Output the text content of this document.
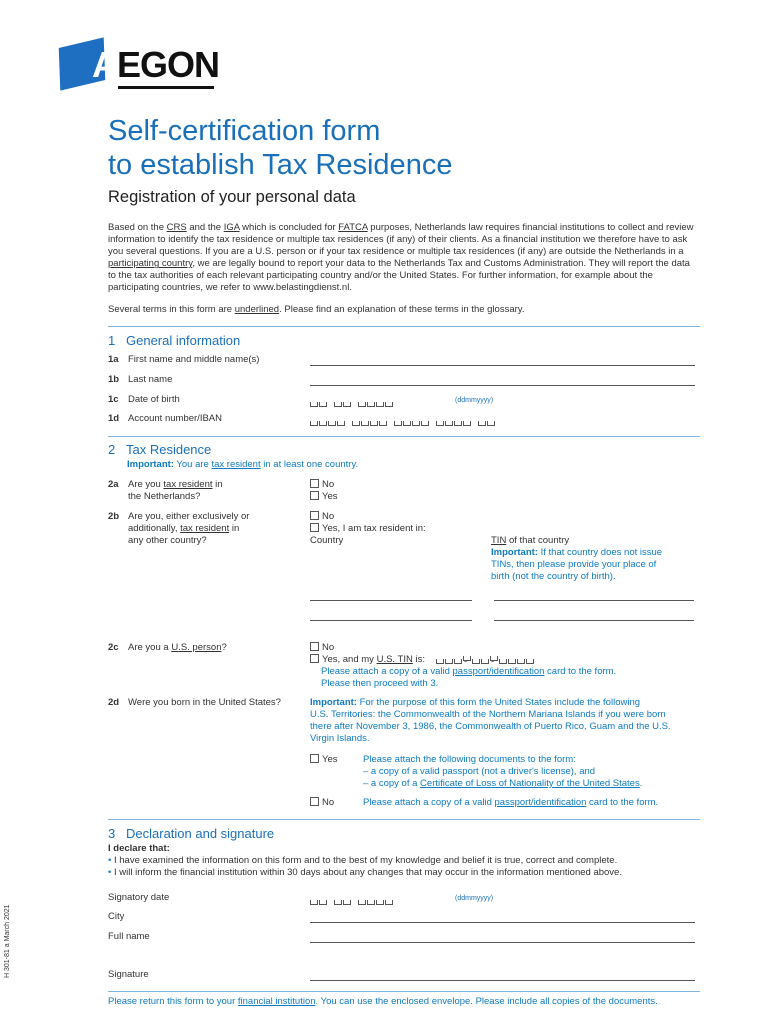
AEGON
Self-certification form
to establish Tax Residence
Registration of your personal data
Based on the CRS and the IGA which is concluded for FATCA purposes, Netherlands law requires financial institutions to collect and review information to identify the tax residence or multiple tax residences (if any) of their clients. As a financial institution we therefore have to ask you several questions. If you are a U.S. person or if your tax residence or multiple tax residences (if any) are outside the Netherlands in a participating country, we are legally bound to report your data to the Netherlands Tax and Customs Administration. They will report the data to the tax authorities of each relevant participating country and/or the United States. For further information, for example about the participating countries, we refer to www.belastingdienst.nl.
Several terms in this form are underlined. Please find an explanation of these terms in the glossary.
1 General information
1a First name and middle name(s)
1b Last name
1c Date of birth	(ddmmyyyy)
1d Account number/IBAN
2 Tax Residence
Important: You are tax resident in at least one country.
2a Are you tax resident in
the Netherlands?
No
Yes
2b Are you, either exclusively or
additionally, tax resident in
any other country?
No
Yes, I am tax resident in:
Country	TIN of that country
Important: If that country does not issue
TINs, then please provide your place of
birth (not the country of birth).
2c Are you a U.S. person?	No
Yes, and my U.S. TIN is:	-	-
Please attach a copy of a valid passport/identification card to the form.
Please then proceed with 3.
2d Were you born in the United States?	Important: For the purpose of this form the United States include the following
U.S. Territories: the Commonwealth of the Northern Mariana Islands if you were born
there after November 3, 1986, the Commonwealth of Puerto Rico, Guam and the U.S.
Virgin Islands.
Yes	Please attach the following documents to the form:
– a copy of a valid passport (not a driver's license), and
– a copy of a Certificate of Loss of Nationality of the United States.
No	Please attach a copy of a valid passport/identification card to the form.
3 Declaration and signature
I declare that:
• I have examined the information on this form and to the best of my knowledge and belief it is true, correct and complete.
• I will inform the financial institution within 30 days about any changes that may occur in the information mentioned above.
Signatory date	(ddmmyyyy)
City
Full name
Signature
Please return this form to your financial institution. You can use the enclosed envelope. Please include all copies of the documents.
H 301-81 a March 2021
